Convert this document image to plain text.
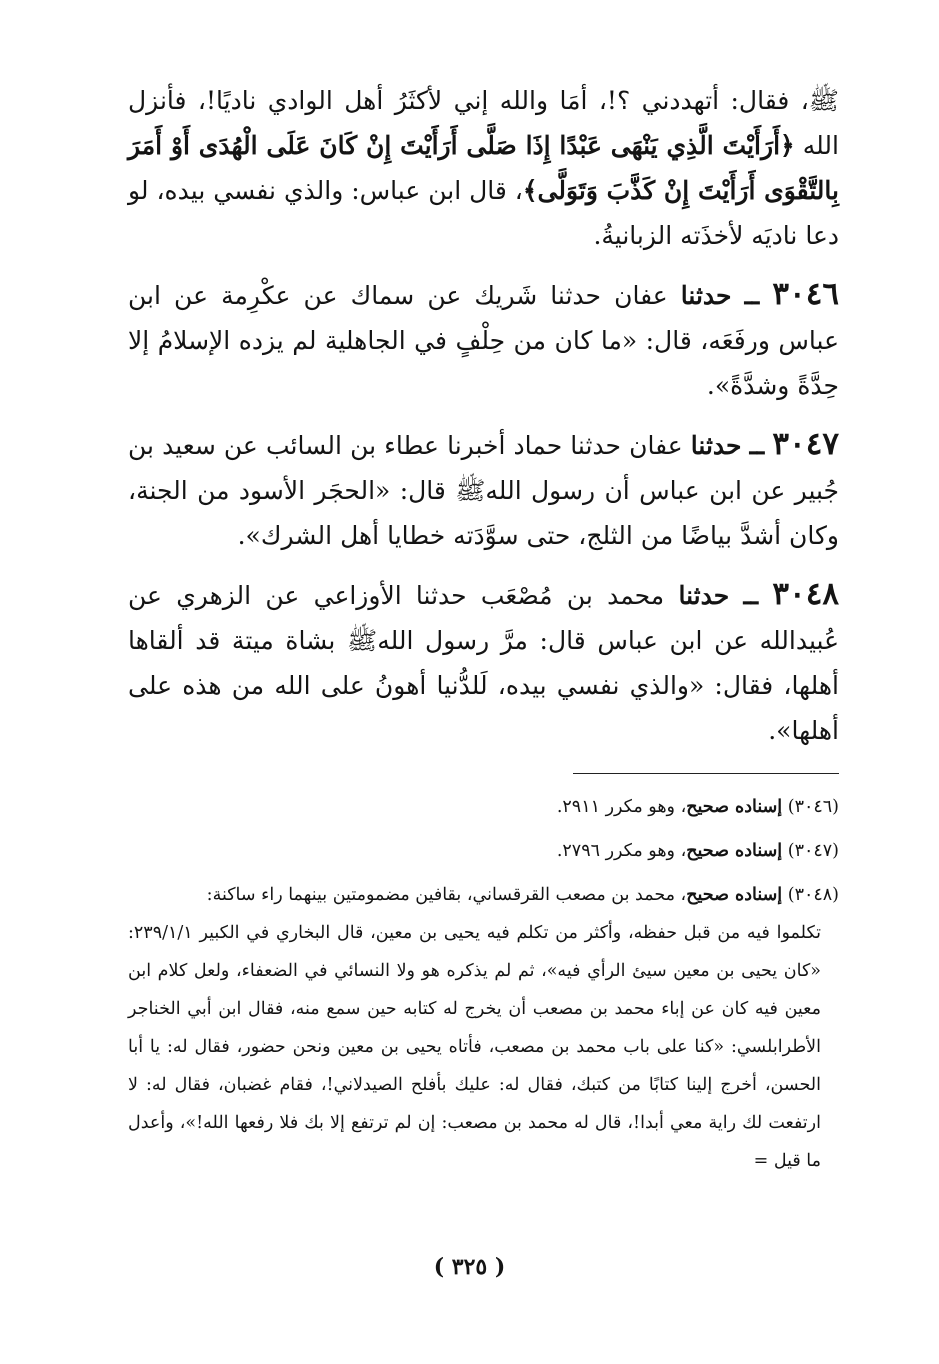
ﷺ، فقال: أتهددني ؟!، أمَا والله إني لأكثَرُ أهل الوادي ناديًا!، فأنزل الله ﴿أَرَأَيْتَ الَّذِي يَنْهَى عَبْدًا إِذَا صَلَّى أَرَأَيْتَ إِنْ كَانَ عَلَى الْهُدَى أَوْ أَمَرَ بِالتَّقْوَى أَرَأَيْتَ إِنْ كَذَّبَ وَتَوَلَّى﴾، قال ابن عباس: والذي نفسي بيده، لو دعا ناديَه لأخذَته الزبانيةُ.

٣٠٤٦ ــ حدثنا عفان حدثنا شَريك عن سماك عن عكْرِمة عن ابن عباس ورفَعَه، قال: «ما كان من حِلْفٍ في الجاهلية لم يزده الإسلامُ إلا حِدَّةً وشدَّةً».

٣٠٤٧ ــ حدثنا عفان حدثنا حماد أخبرنا عطاء بن السائب عن سعيد بن جُبير عن ابن عباس أن رسول اللهﷺ قال: «الحجَر الأسود من الجنة، وكان أشدَّ بياضًا من الثلج، حتى سوَّدَته خطايا أهل الشرك».

٣٠٤٨ ــ حدثنا محمد بن مُصْعَب حدثنا الأوزاعي عن الزهري عن عُبيدالله عن ابن عباس قال: مرَّ رسول اللهﷺ بشاة ميتة قد ألقاها أهلها، فقال: «والذي نفسي بيده، لَلدُّنيا أهونُ على الله من هذه على أهلها».

(٣٠٤٦) إسناده صحيح، وهو مكرر ٢٩١١.

(٣٠٤٧) إسناده صحيح، وهو مكرر ٢٧٩٦.

(٣٠٤٨) إسناده صحيح، محمد بن مصعب القرقساني، بقافين مضمومتين بينهما راء ساكنة:

تكلموا فيه من قبل حفظه، وأكثر من تكلم فيه يحيى بن معين، قال البخاري في الكبير ٢٣٩/١/١: «كان يحيى بن معين سيئ الرأي فيه»، ثم لم يذكره هو ولا النسائي في الضعفاء، ولعل كلام ابن معين فيه كان عن إباء محمد بن مصعب أن يخرج له كتابه حين سمع منه، فقال ابن أبي الخناجر الأطرابلسي: «كنا على باب محمد بن مصعب، فأتاه يحيى بن معين ونحن حضور، فقال له: يا أبا الحسن، أخرج إلينا كتابًا من كتبك، فقال له: عليك بأفلح الصيدلاني!، فقام غضبان، فقال له: لا ارتفعت لك راية معي أبدا!، قال له محمد بن مصعب: إن لم ترتفع إلا بك فلا رفعها الله!»، وأعدل ما قيل =

( ٣٢٥ )
